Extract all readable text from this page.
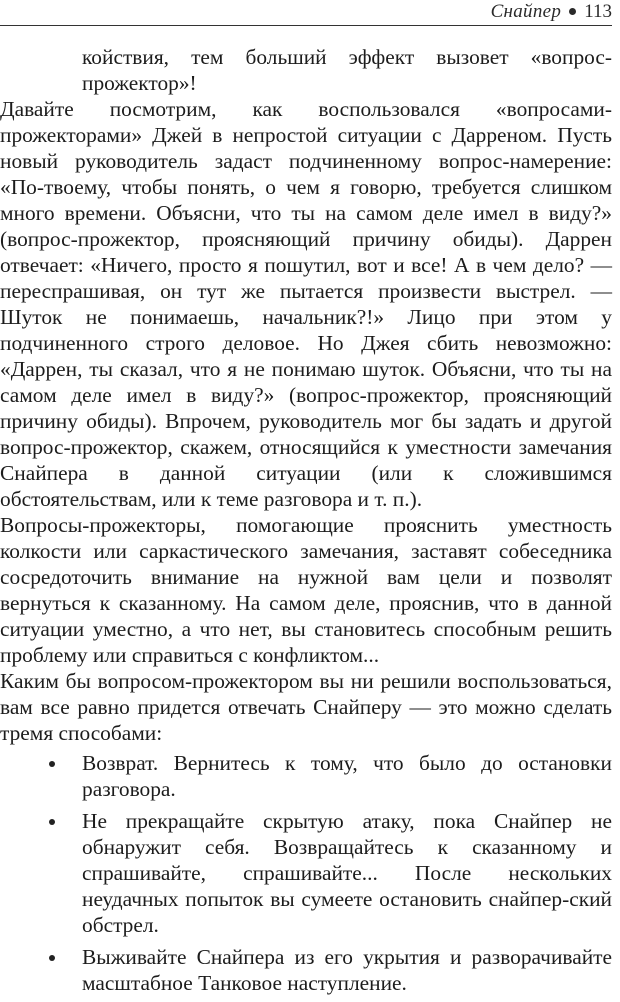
Снайпер 113

койствия, тем больший эффект вызовет «вопрос-прожектор»!

Давайте посмотрим, как воспользовался «вопросами-прожекторами» Джей в непростой ситуации с Дарреном. Пусть новый руководитель задаст подчиненному вопрос-намерение: «По-твоему, чтобы понять, о чем я говорю, требуется слишком много времени. Объясни, что ты на самом деле имел в виду?» (вопрос-прожектор, проясняющий причину обиды). Даррен отвечает: «Ничего, просто я пошутил, вот и все! А в чем дело? — переспрашивая, он тут же пытается произвести выстрел. — Шуток не понимаешь, начальник?!» Лицо при этом у подчиненного строго деловое. Но Джея сбить невозможно: «Даррен, ты сказал, что я не понимаю шуток. Объясни, что ты на самом деле имел в виду?» (вопрос-прожектор, проясняющий причину обиды). Впрочем, руководитель мог бы задать и другой вопрос-прожектор, скажем, относящийся к уместности замечания Снайпера в данной ситуации (или к сложившимся обстоятельствам, или к теме разговора и т. п.).

Вопросы-прожекторы, помогающие прояснить уместность колкости или саркастического замечания, заставят собеседника сосредоточить внимание на нужной вам цели и позволят вернуться к сказанному. На самом деле, прояснив, что в данной ситуации уместно, а что нет, вы становитесь способным решить проблему или справиться с конфликтом...

Каким бы вопросом-прожектором вы ни решили воспользоваться, вам все равно придется отвечать Снайперу — это можно сделать тремя способами:

Возврат. Вернитесь к тому, что было до остановки разговора.
Не прекращайте скрытую атаку, пока Снайпер не обнаружит себя. Возвращайтесь к сказанному и спрашивайте, спрашивайте... После нескольких неудачных попыток вы сумеете остановить снайпер-ский обстрел.
Выживайте Снайпера из его укрытия и разворачивайте масштабное Танковое наступление.
